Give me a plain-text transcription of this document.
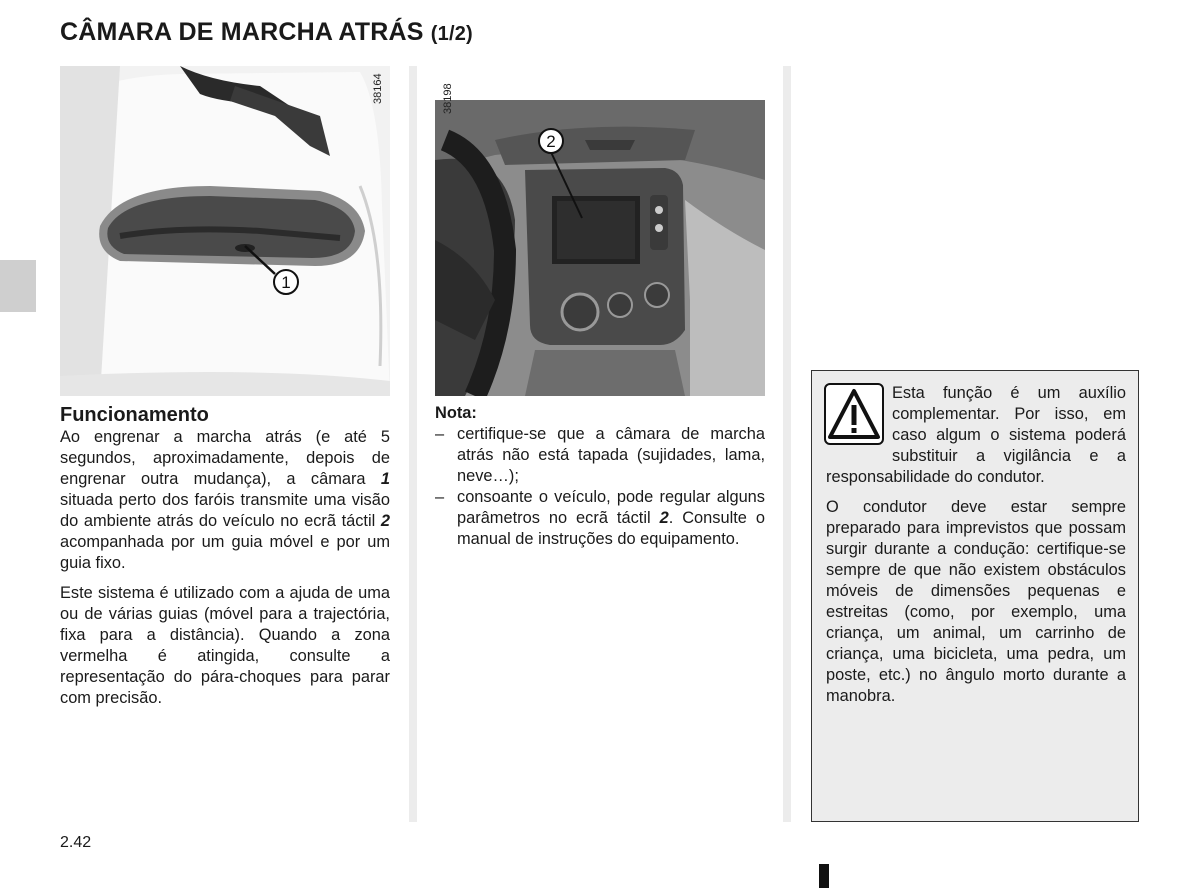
CÂMARA DE MARCHA ATRÁS (1/2)
1
38164
2
38198
Funcionamento

Ao engrenar a marcha atrás (e até 5 segundos, aproximadamente, depois de engrenar outra mudança), a câmara 1 situada perto dos faróis transmite uma visão do ambiente atrás do veículo no ecrã táctil 2 acompanhada por um guia móvel e por um guia fixo.

Este sistema é utilizado com a ajuda de uma ou de várias guias (móvel para a trajectória, fixa para a distância). Quando a zona vermelha é atingida, consulte a representação do pára-choques para parar com precisão.

Nota:
– certifique-se que a câmara de marcha atrás não está tapada (sujidades, lama, neve…);
– consoante o veículo, pode regular alguns parâmetros no ecrã táctil 2. Consulte o manual de instruções do equipamento.

Esta função é um auxílio complementar. Por isso, em caso algum o sistema poderá substituir a vigilância e a responsabilidade do condutor.

O condutor deve estar sempre preparado para imprevistos que possam surgir durante a condução: certifique-se sempre de que não existem obstáculos móveis de dimensões pequenas e estreitas (como, por exemplo, uma criança, um animal, um carrinho de criança, uma bicicleta, uma pedra, um poste, etc.) no ângulo morto durante a manobra.

2.42
